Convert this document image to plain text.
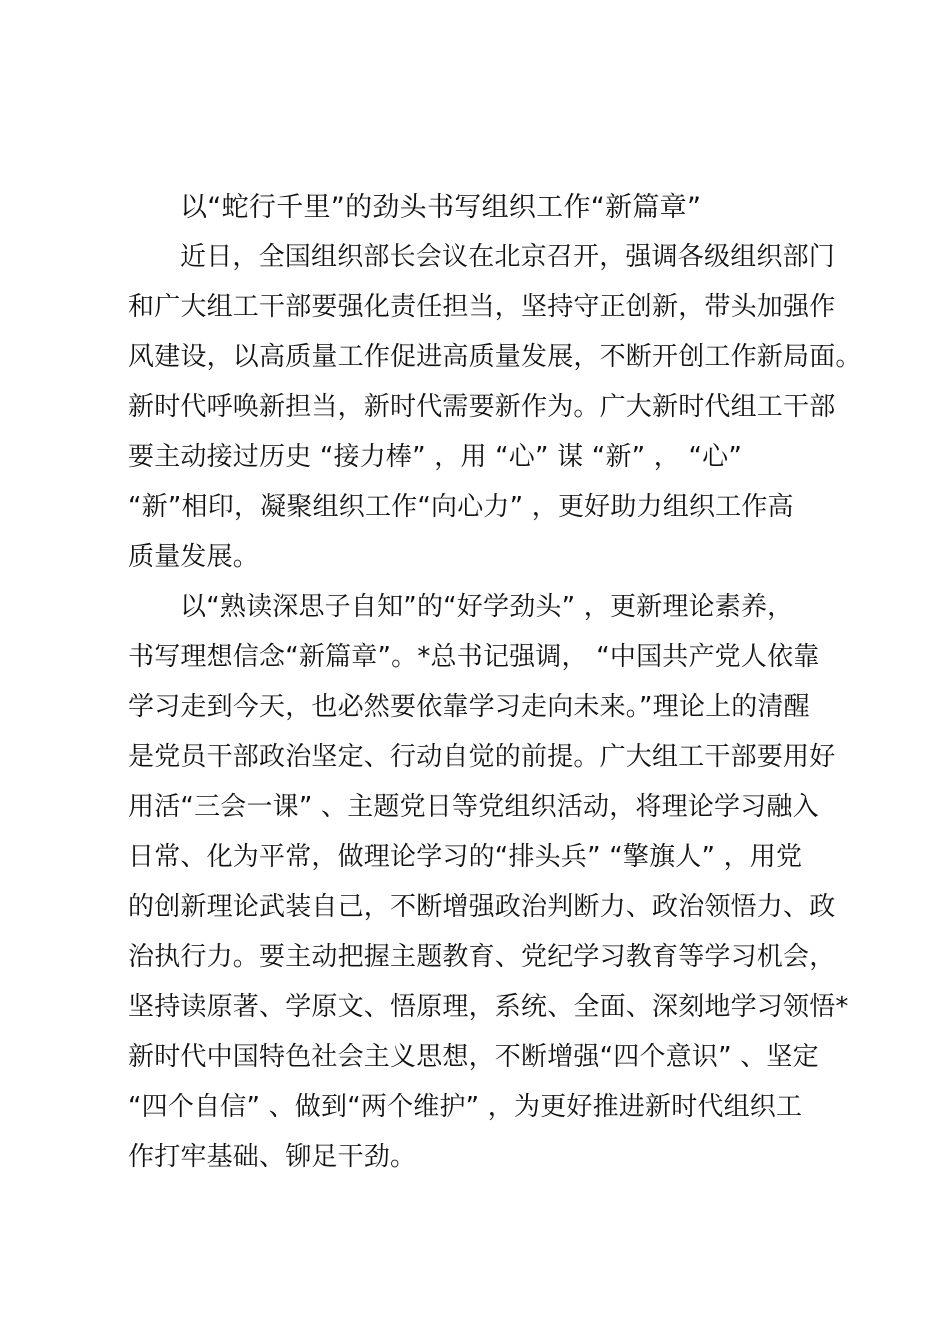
以“蛇行千里”的劲头书写组织工作“新篇章”
近日，全国组织部长会议在北京召开，强调各级组织部门
和广大组工干部要强化责任担当，坚持守正创新，带头加强作
风建设，以高质量工作促进高质量发展，不断开创工作新局面。
新时代呼唤新担当，新时代需要新作为。广大新时代组工干部
要主动接过历史 “接力棒” ，用 “心” 谋 “新” ， “心”
“新”相印，凝聚组织工作“向心力” ，更好助力组织工作高
质量发展。
以“熟读深思子自知”的“好学劲头” ，更新理论素养，
书写理想信念“新篇章”。*总书记强调， “中国共产党人依靠
学习走到今天，也必然要依靠学习走向未来。”理论上的清醒
是党员干部政治坚定、行动自觉的前提。广大组工干部要用好
用活“三会一课” 、主题党日等党组织活动，将理论学习融入
日常、化为平常，做理论学习的“排头兵” “擎旗人” ，用党
的创新理论武装自己，不断增强政治判断力、政治领悟力、政
治执行力。要主动把握主题教育、党纪学习教育等学习机会，
坚持读原著、学原文、悟原理，系统、全面、深刻地学习领悟*
新时代中国特色社会主义思想，不断增强“四个意识” 、坚定
“四个自信” 、做到“两个维护” ，为更好推进新时代组织工
作打牢基础、铆足干劲。
